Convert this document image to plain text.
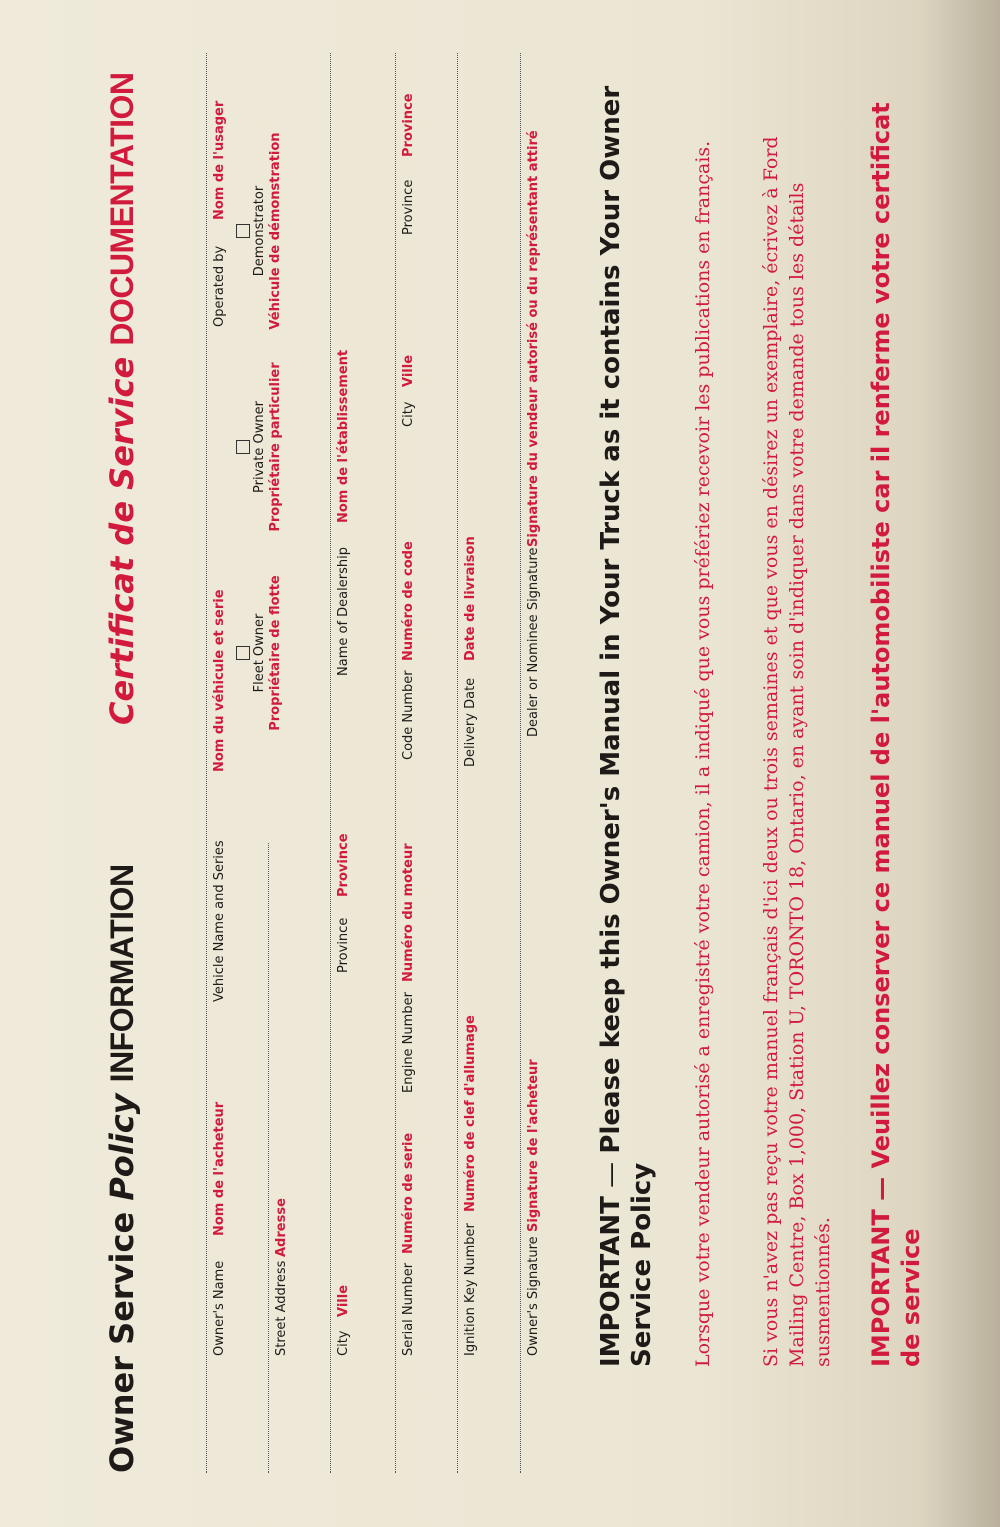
Owner Service Policy INFORMATION
Certificat de Service DOCUMENTATION
Owner's Name
Nom de l'acheteur
Vehicle Name and Series
Nom du véhicule et serie
Operated by
Nom de l'usager
Fleet Owner Propriétaire de flotte
Private Owner Propriétaire particulier
Demonstrator Véhicule de démonstration
Street Address
Adresse
City
Ville
Province
Province
Name of Dealership
Nom de l'établissement
Serial Number
Numéro de serie
Engine Number
Numéro du moteur
Code Number
Numéro de code
City
Ville
Province
Province
Ignition Key Number
Numéro de clef d'allumage
Delivery Date
Date de livraison
Owner's Signature
Signature de l'acheteur
Dealer or Nominee Signature
Signature du vendeur autorisé ou du représentant attiré
IMPORTANT — Please keep this Owner's Manual in Your Truck as it contains Your Owner Service Policy Lorsque votre vendeur autorisé a enregistré votre camion, il a indiqué que vous préfériez recevoir les publications en français. Si vous n'avez pas reçu votre manuel français d'ici deux ou trois semaines et que vous en désirez un exemplaire, écrivez à Ford Mailing Centre, Box 1,000, Station U, TORONTO 18, Ontario, en ayant soin d'indiquer dans votre demande tous les détails susmentionnés. IMPORTANT — Veuillez conserver ce manuel de l'automobiliste car il renferme votre certificat de service
